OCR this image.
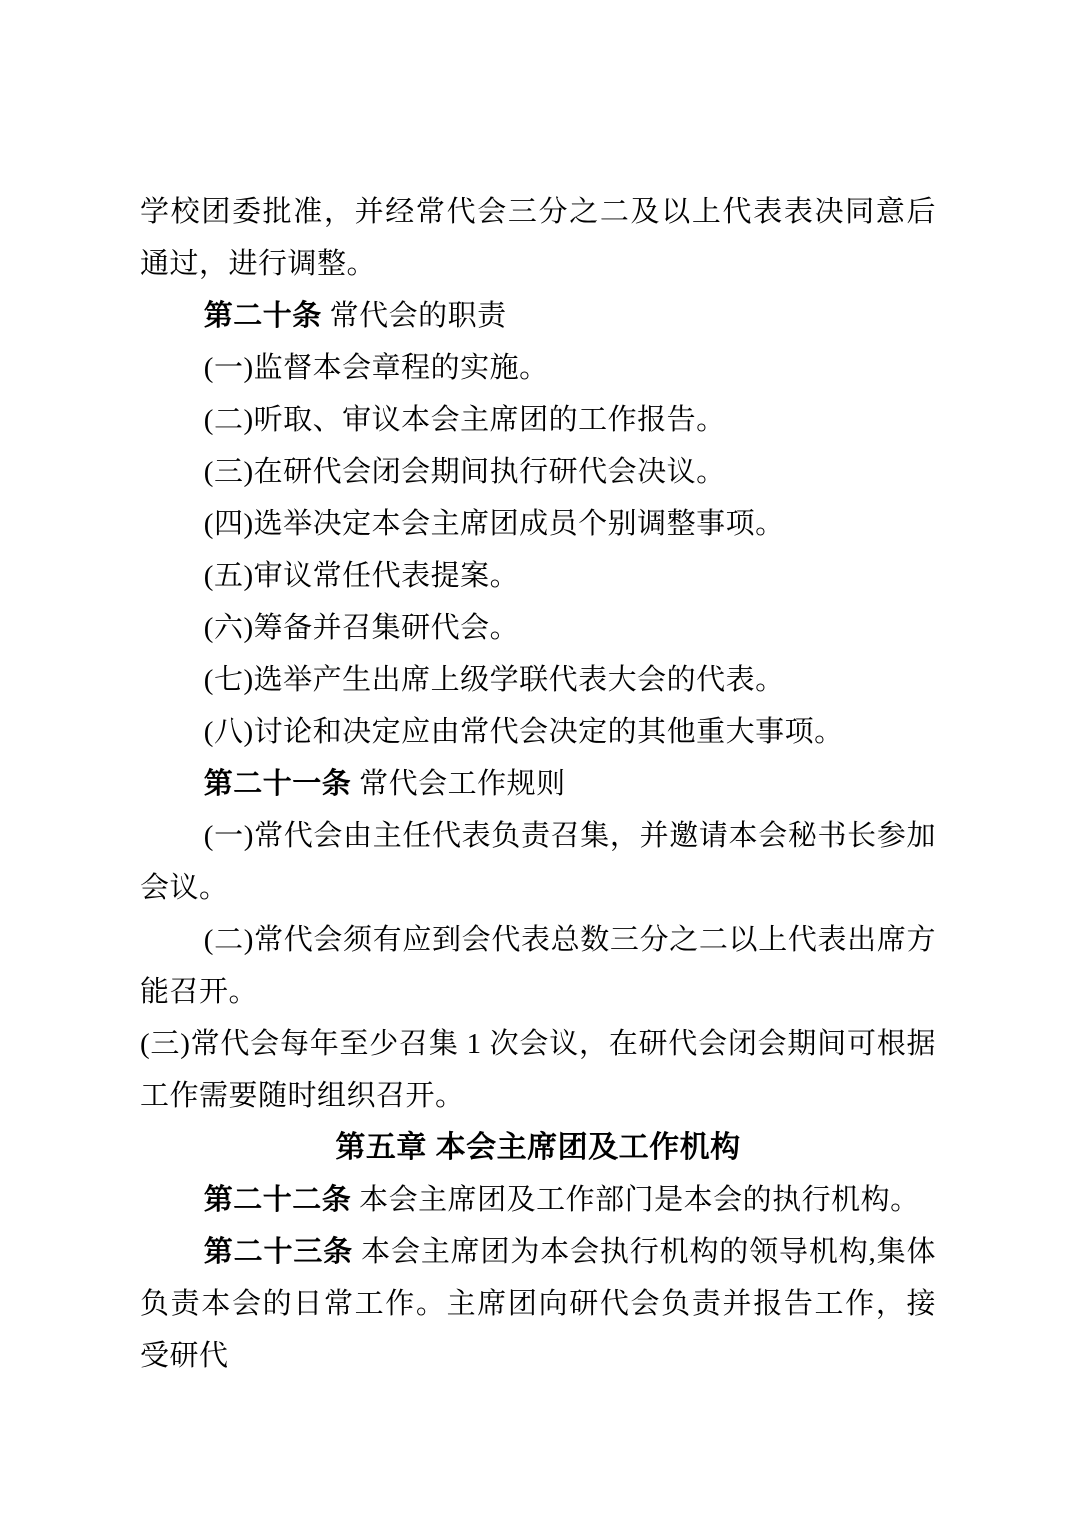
学校团委批准，并经常代会三分之二及以上代表表决同意后通过，进行调整。

第二十条 常代会的职责

(一)监督本会章程的实施。

(二)听取、审议本会主席团的工作报告。

(三)在研代会闭会期间执行研代会决议。

(四)选举决定本会主席团成员个别调整事项。

(五)审议常任代表提案。

(六)筹备并召集研代会。

(七)选举产生出席上级学联代表大会的代表。

(八)讨论和决定应由常代会决定的其他重大事项。

第二十一条 常代会工作规则

(一)常代会由主任代表负责召集，并邀请本会秘书长参加会议。

(二)常代会须有应到会代表总数三分之二以上代表出席方能召开。

(三)常代会每年至少召集 1 次会议，在研代会闭会期间可根据工作需要随时组织召开。

第五章 本会主席团及工作机构

第二十二条 本会主席团及工作部门是本会的执行机构。

第二十三条 本会主席团为本会执行机构的领导机构,集体负责本会的日常工作。主席团向研代会负责并报告工作，接受研代
